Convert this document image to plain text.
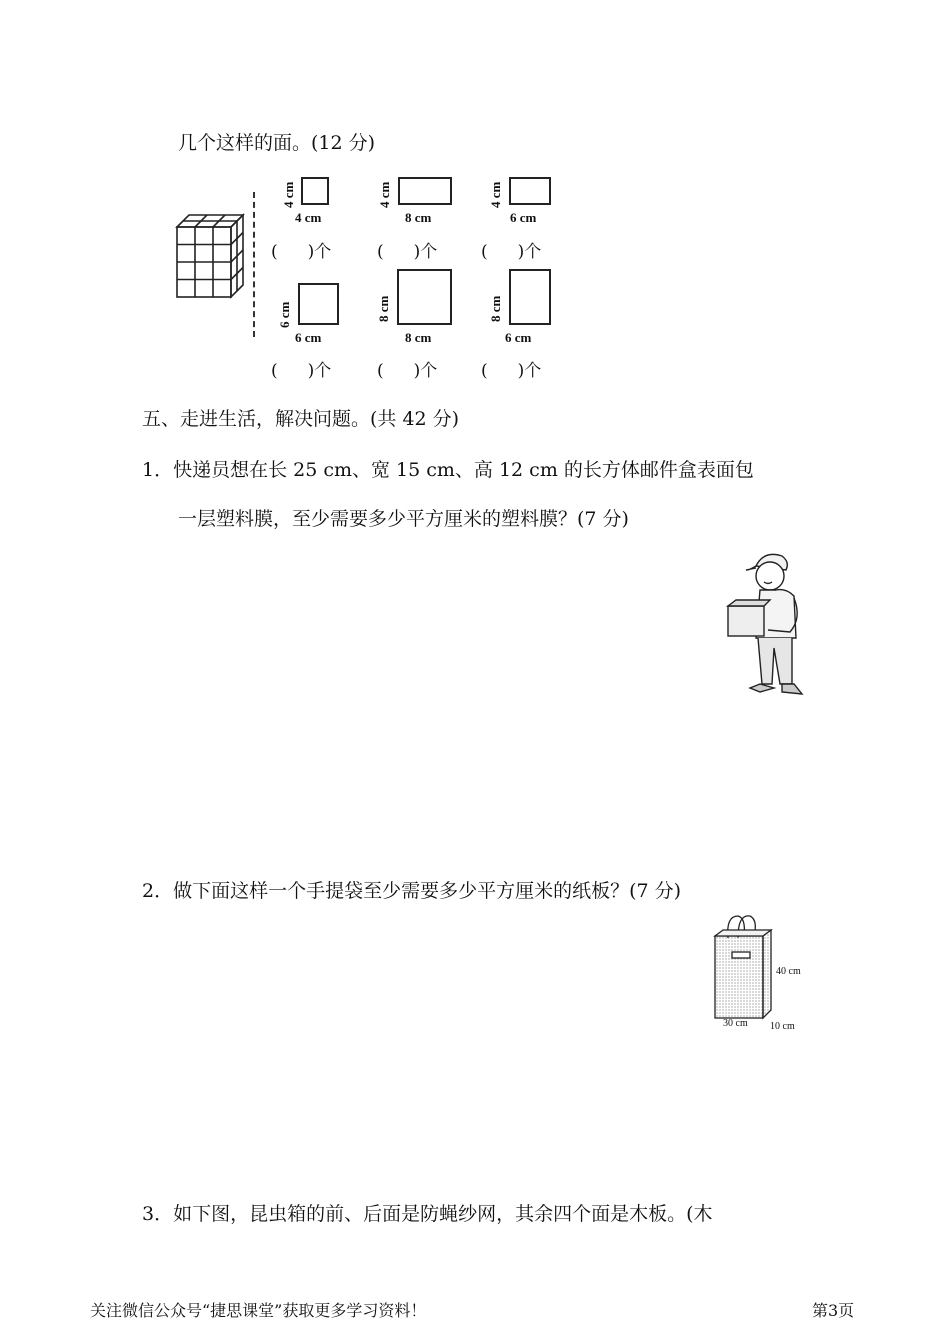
几个这样的面。(12 分)
4 cm
4 cm
( )个
4 cm
8 cm
( )个
4 cm
6 cm
( )个
6 cm
6 cm
( )个
8 cm
8 cm
( )个
8 cm
6 cm
( )个
五、走进生活，解决问题。(共 42 分)
1．快递员想在长 25 cm、宽 15 cm、高 12 cm 的长方体邮件盒表面包
一层塑料膜，至少需要多少平方厘米的塑料膜？(7 分)
2．做下面这样一个手提袋至少需要多少平方厘米的纸板？(7 分)
40 cm
30 cm 10 cm
3．如下图，昆虫箱的前、后面是防蝇纱网，其余四个面是木板。(木
关注微信公众号“捷思课堂”获取更多学习资料！	第3页
